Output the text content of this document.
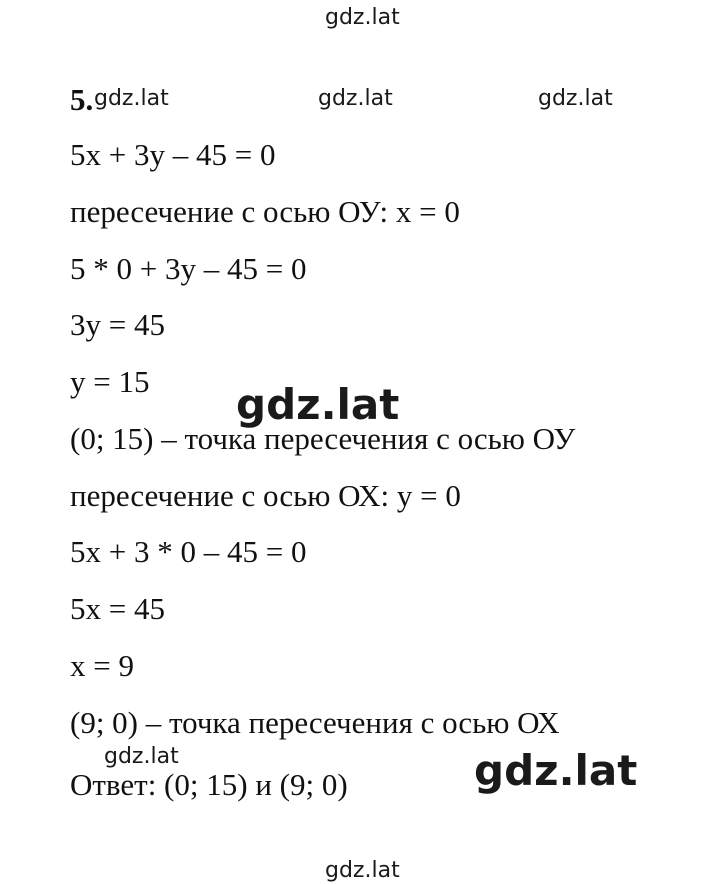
gdz.lat
gdz.lat	gdz.lat	gdz.lat
5.
5x + 3y – 45 = 0
пересечение с осью ОУ: x = 0
5 * 0 + 3y – 45 = 0
3y = 45
y = 15
(0; 15) – точка пересечения с осью ОУ
пересечение с осью ОХ: y = 0
5x + 3 * 0 – 45 = 0
5x = 45
x = 9
(9; 0) – точка пересечения с осью ОХ
Ответ: (0; 15) и (9; 0)
gdz.lat
gdz.lat	gdz.lat
gdz.lat
